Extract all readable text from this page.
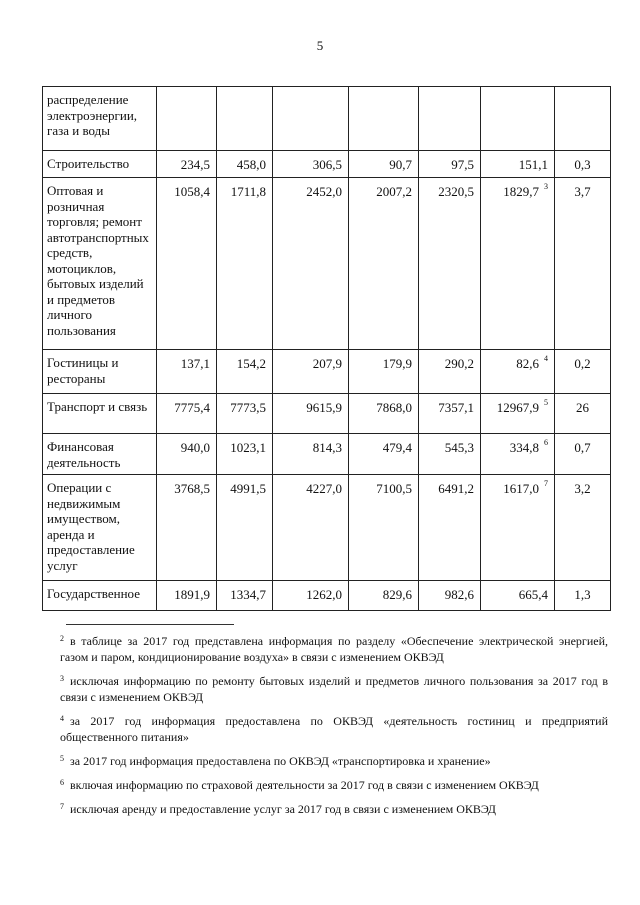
5
распределение электроэнергии, газа и воды							
Строительство	234,5	458,0	306,5	90,7	97,5	151,1	0,3
Оптовая и розничная торговля; ремонт автотранспортных средств, мотоциклов, бытовых изделий и предметов личного пользования	1058,4	1711,8	2452,0	2007,2	2320,5	1829,7 $^3$	3,7
Гостиницы и рестораны	137,1	154,2	207,9	179,9	290,2	82,6 $^4$	0,2
Транспорт и связь	7775,4	7773,5	9615,9	7868,0	7357,1	12967,9 $^5$	26
Финансовая деятельность	940,0	1023,1	814,3	479,4	545,3	334,8 $^6$	0,7
Операции с недвижимым имуществом, аренда и предоставление услуг	3768,5	4991,5	4227,0	7100,5	6491,2	1617,0 $^7$	3,2
Государственное	1891,9	1334,7	1262,0	829,6	982,6	665,4	1,3

$^2$ в таблице за 2017 год представлена информация по разделу «Обеспечение электрической энергией, газом и паром, кондиционирование воздуха» в связи с изменением ОКВЭД

$^3$ исключая информацию по ремонту бытовых изделий и предметов личного пользования за 2017 год в связи с изменением ОКВЭД

$^4$ за 2017 год информация предоставлена по ОКВЭД «деятельность гостиниц и предприятий общественного питания»

$^5$ за 2017 год информация предоставлена по ОКВЭД «транспортировка и хранение»

$^6$ включая информацию по страховой деятельности за 2017 год в связи с изменением ОКВЭД

$^7$ исключая аренду и предоставление услуг за 2017 год в связи с изменением ОКВЭД
